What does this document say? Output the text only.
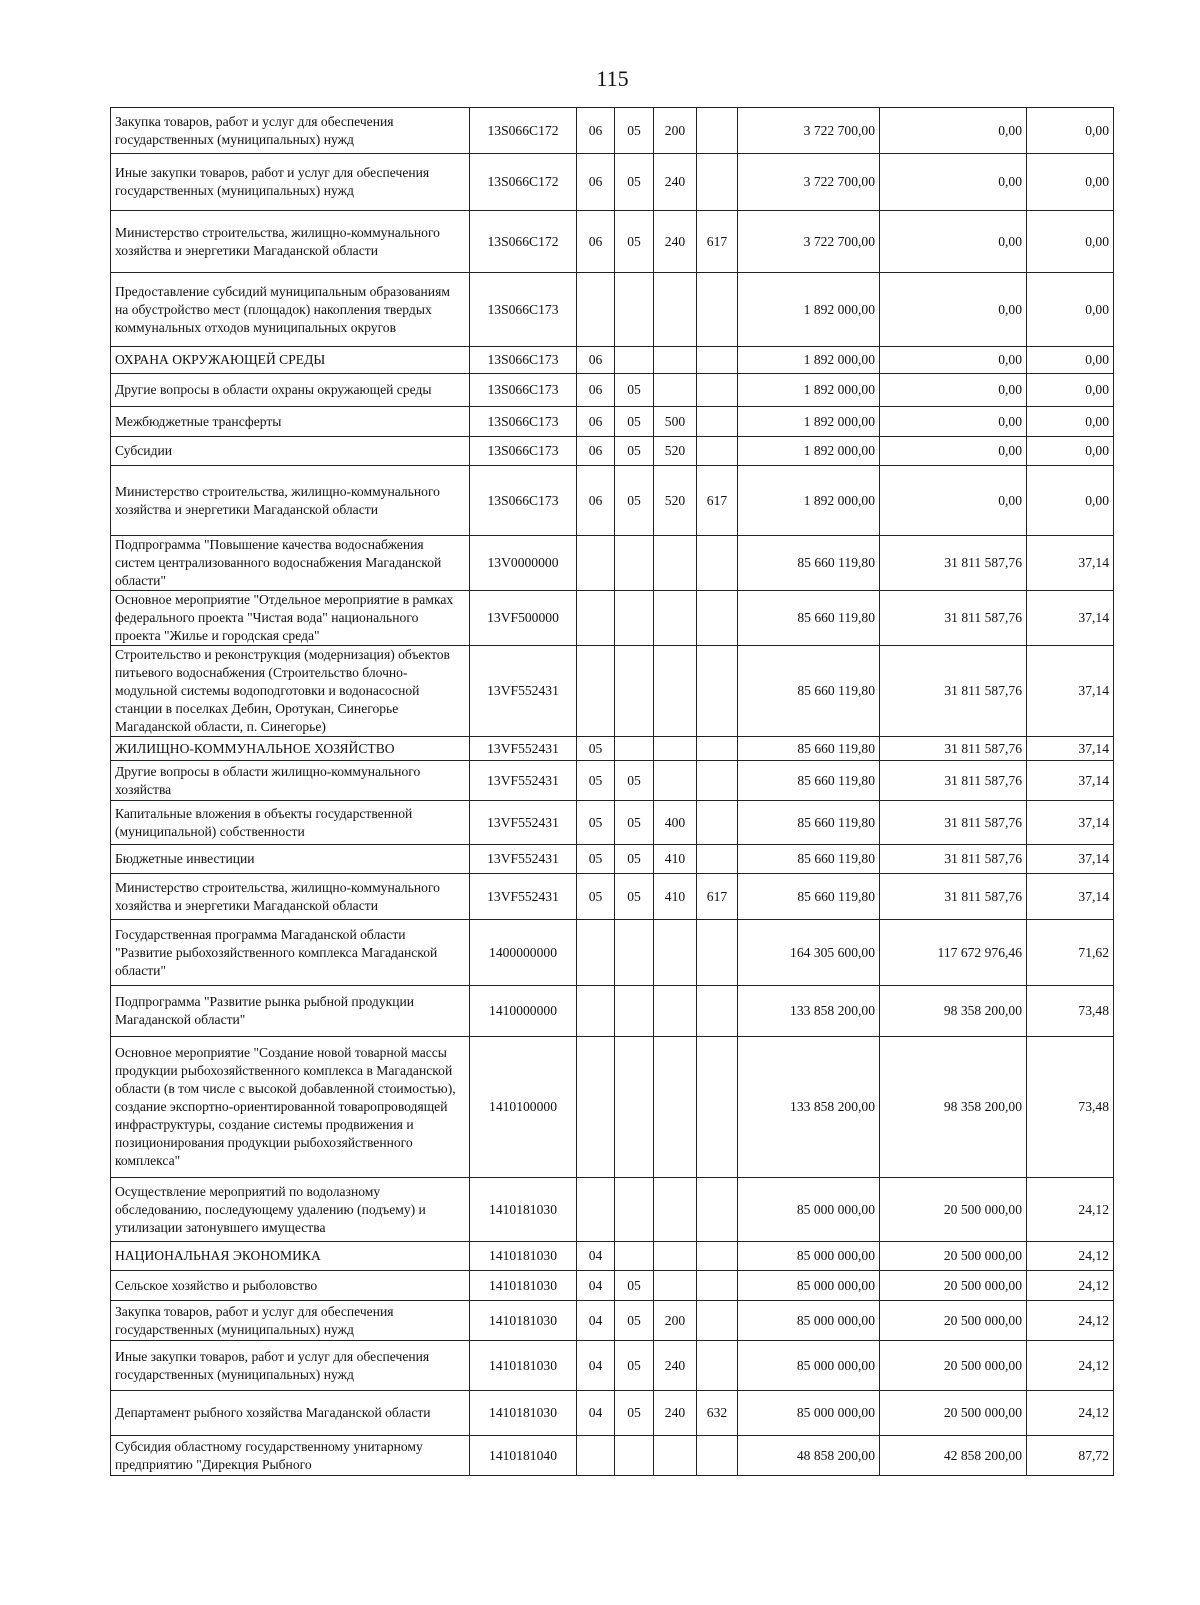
115
Закупка товаров, работ и услуг для обеспечения государственных (муниципальных) нужд	13S066С172	06	05	200		3 722 700,00	0,00	0,00
Иные закупки товаров, работ и услуг для обеспечения государственных (муниципальных) нужд	13S066С172	06	05	240		3 722 700,00	0,00	0,00
Министерство строительства, жилищно-коммунального хозяйства и энергетики Магаданской области	13S066С172	06	05	240	617	3 722 700,00	0,00	0,00
Предоставление субсидий муниципальным образованиям на обустройство мест (площадок) накопления твердых коммунальных отходов муниципальных округов	13S066С173					1 892 000,00	0,00	0,00
ОХРАНА ОКРУЖАЮЩЕЙ СРЕДЫ	13S066С173	06				1 892 000,00	0,00	0,00
Другие вопросы в области охраны окружающей среды	13S066С173	06	05			1 892 000,00	0,00	0,00
Межбюджетные трансферты	13S066С173	06	05	500		1 892 000,00	0,00	0,00
Субсидии	13S066С173	06	05	520		1 892 000,00	0,00	0,00
Министерство строительства, жилищно-коммунального хозяйства и энергетики Магаданской области	13S066С173	06	05	520	617	1 892 000,00	0,00	0,00
Подпрограмма "Повышение качества водоснабжения систем централизованного водоснабжения Магаданской области"	13V0000000					85 660 119,80	31 811 587,76	37,14
Основное мероприятие "Отдельное мероприятие в рамках федерального проекта "Чистая вода" национального проекта "Жилье и городская среда"	13VF500000					85 660 119,80	31 811 587,76	37,14
Строительство и реконструкция (модернизация) объектов питьевого водоснабжения (Строительство блочно-модульной системы водоподготовки и водонасосной станции в поселках Дебин, Оротукан, Синегорье Магаданской области, п. Синегорье)	13VF552431					85 660 119,80	31 811 587,76	37,14
ЖИЛИЩНО-КОММУНАЛЬНОЕ ХОЗЯЙСТВО	13VF552431	05				85 660 119,80	31 811 587,76	37,14
Другие вопросы в области жилищно-коммунального хозяйства	13VF552431	05	05			85 660 119,80	31 811 587,76	37,14
Капитальные вложения в объекты государственной (муниципальной) собственности	13VF552431	05	05	400		85 660 119,80	31 811 587,76	37,14
Бюджетные инвестиции	13VF552431	05	05	410		85 660 119,80	31 811 587,76	37,14
Министерство строительства, жилищно-коммунального хозяйства и энергетики Магаданской области	13VF552431	05	05	410	617	85 660 119,80	31 811 587,76	37,14
Государственная программа Магаданской области "Развитие рыбохозяйственного комплекса Магаданской области"	1400000000					164 305 600,00	117 672 976,46	71,62
Подпрограмма "Развитие рынка рыбной продукции Магаданской области"	1410000000					133 858 200,00	98 358 200,00	73,48
Основное мероприятие "Создание новой товарной массы продукции рыбохозяйственного комплекса в Магаданской области (в том числе с высокой добавленной стоимостью), создание экспортно-ориентированной товаропроводящей инфраструктуры, создание системы продвижения и позиционирования продукции рыбохозяйственного комплекса"	1410100000					133 858 200,00	98 358 200,00	73,48
Осуществление мероприятий по водолазному обследованию, последующему удалению (подъему) и утилизации затонувшего имущества	1410181030					85 000 000,00	20 500 000,00	24,12
НАЦИОНАЛЬНАЯ ЭКОНОМИКА	1410181030	04				85 000 000,00	20 500 000,00	24,12
Сельское хозяйство и рыболовство	1410181030	04	05			85 000 000,00	20 500 000,00	24,12
Закупка товаров, работ и услуг для обеспечения государственных (муниципальных) нужд	1410181030	04	05	200		85 000 000,00	20 500 000,00	24,12
Иные закупки товаров, работ и услуг для обеспечения государственных (муниципальных) нужд	1410181030	04	05	240		85 000 000,00	20 500 000,00	24,12
Департамент рыбного хозяйства Магаданской области	1410181030	04	05	240	632	85 000 000,00	20 500 000,00	24,12
Субсидия областному государственному унитарному предприятию "Дирекция Рыбного	1410181040					48 858 200,00	42 858 200,00	87,72
